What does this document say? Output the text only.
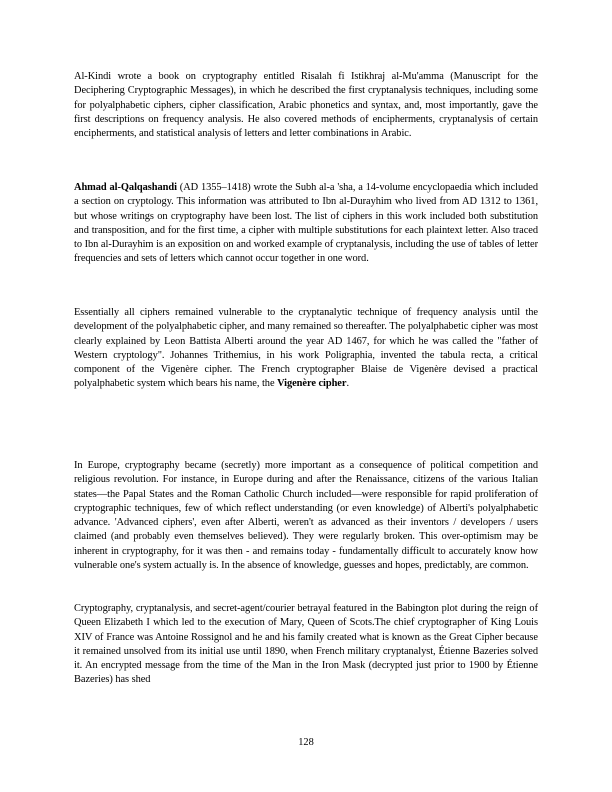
Al-Kindi wrote a book on cryptography entitled Risalah fi Istikhraj al-Mu'amma (Manuscript for the Deciphering Cryptographic Messages), in which he described the first cryptanalysis techniques, including some for polyalphabetic ciphers, cipher classification, Arabic phonetics and syntax, and, most importantly, gave the first descriptions on frequency analysis. He also covered methods of encipherments, cryptanalysis of certain encipherments, and statistical analysis of letters and letter combinations in Arabic.

Ahmad al-Qalqashandi (AD 1355–1418) wrote the Subh al-a 'sha, a 14-volume encyclopaedia which included a section on cryptology. This information was attributed to Ibn al-Durayhim who lived from AD 1312 to 1361, but whose writings on cryptography have been lost. The list of ciphers in this work included both substitution and transposition, and for the first time, a cipher with multiple substitutions for each plaintext letter. Also traced to Ibn al-Durayhim is an exposition on and worked example of cryptanalysis, including the use of tables of letter frequencies and sets of letters which cannot occur together in one word.

Essentially all ciphers remained vulnerable to the cryptanalytic technique of frequency analysis until the development of the polyalphabetic cipher, and many remained so thereafter. The polyalphabetic cipher was most clearly explained by Leon Battista Alberti around the year AD 1467, for which he was called the "father of Western cryptology". Johannes Trithemius, in his work Poligraphia, invented the tabula recta, a critical component of the Vigenère cipher. The French cryptographer Blaise de Vigenère devised a practical polyalphabetic system which bears his name, the Vigenère cipher.

In Europe, cryptography became (secretly) more important as a consequence of political competition and religious revolution. For instance, in Europe during and after the Renaissance, citizens of the various Italian states—the Papal States and the Roman Catholic Church included—were responsible for rapid proliferation of cryptographic techniques, few of which reflect understanding (or even knowledge) of Alberti's polyalphabetic advance. 'Advanced ciphers', even after Alberti, weren't as advanced as their inventors / developers / users claimed (and probably even themselves believed). They were regularly broken. This over-optimism may be inherent in cryptography, for it was then - and remains today - fundamentally difficult to accurately know how vulnerable one's system actually is. In the absence of knowledge, guesses and hopes, predictably, are common.

Cryptography, cryptanalysis, and secret-agent/courier betrayal featured in the Babington plot during the reign of Queen Elizabeth I which led to the execution of Mary, Queen of Scots.The chief cryptographer of King Louis XIV of France was Antoine Rossignol and he and his family created what is known as the Great Cipher because it remained unsolved from its initial use until 1890, when French military cryptanalyst, Étienne Bazeries solved it. An encrypted message from the time of the Man in the Iron Mask (decrypted just prior to 1900 by Étienne Bazeries) has shed

128
